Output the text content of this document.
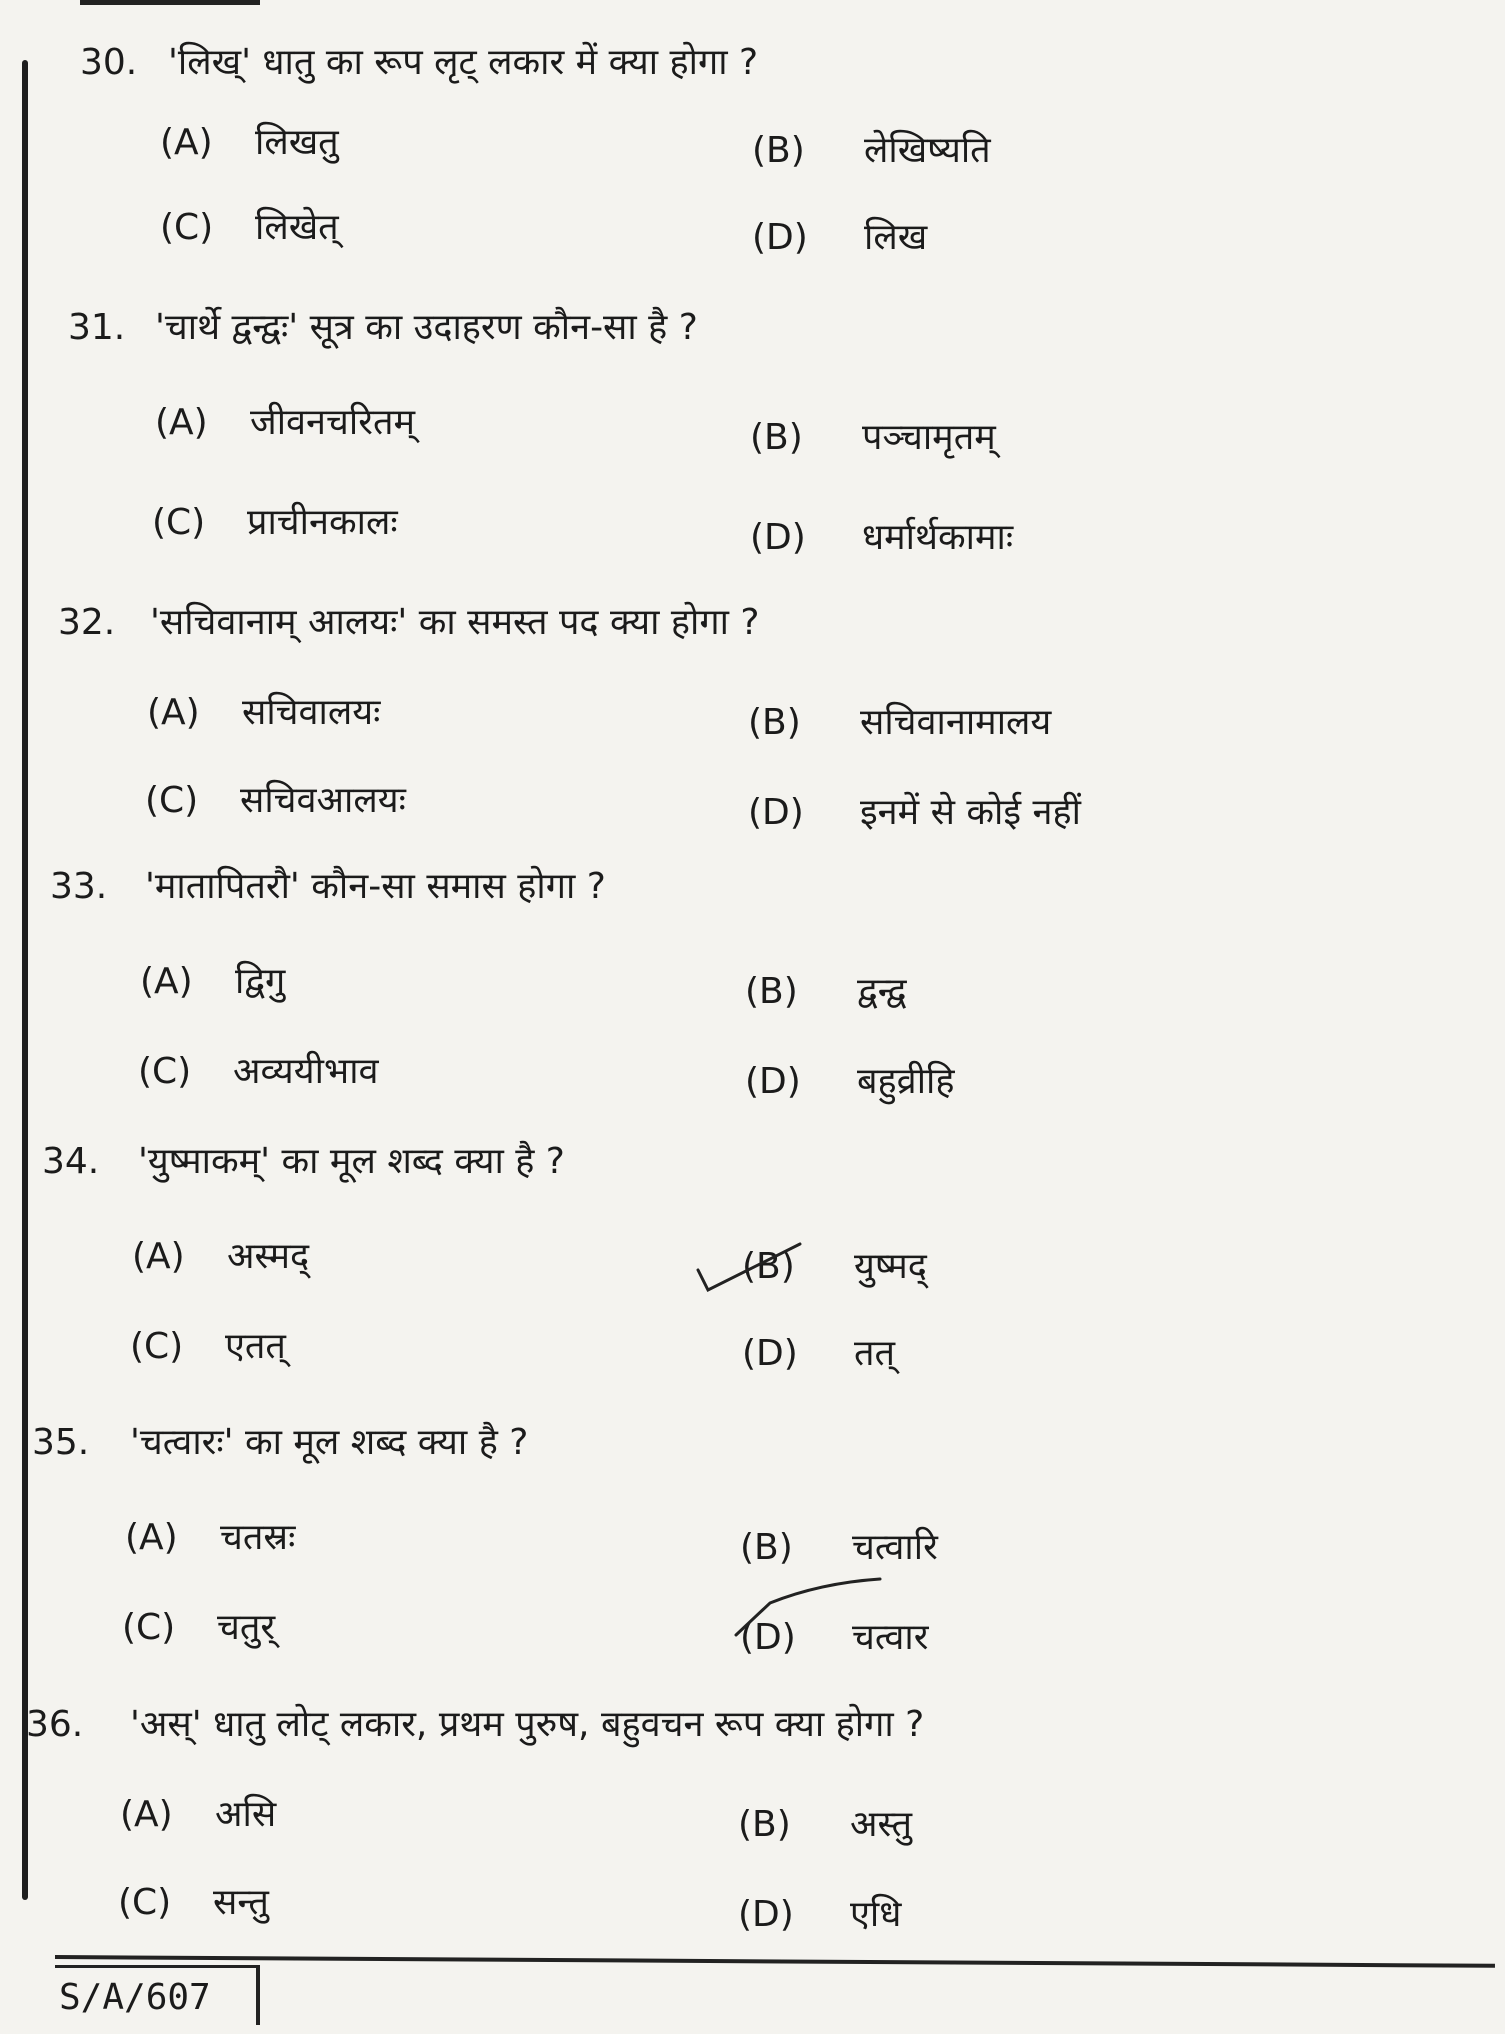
30. 'लिख्' धातु का रूप लृट् लकार में क्या होगा ?
(A) लिखतु	(B) लेखिष्यति
(C) लिखेत्	(D) लिख
31. 'चार्थे द्वन्द्वः' सूत्र का उदाहरण कौन-सा है ?
(A) जीवनचरितम्	(B) पञ्चामृतम्
(C) प्राचीनकालः	(D) धर्मार्थकामाः
32. 'सचिवानाम् आलयः' का समस्त पद क्या होगा ?
(A) सचिवालयः	(B) सचिवानामालय
(C) सचिवआलयः	(D) इनमें से कोई नहीं
33.	'मातापितरौ' कौन-सा समास होगा ?
(A) द्विगु	(B) द्वन्द्व
(C) अव्ययीभाव	(D) बहुव्रीहि
34.	'युष्माकम्' का मूल शब्द क्या है ?
(A) अस्मद्	(B) युष्मद्
(C) एतत्	(D) तत्
35.	'चत्वारः' का मूल शब्द क्या है ?
(A) चतस्रः	(B) चत्वारि
(C) चतुर्	(D) चत्वार
36.	'अस्' धातु लोट् लकार, प्रथम पुरुष, बहुवचन रूप क्या होगा ?
(A) असि	(B) अस्तु
(C) सन्तु	(D) एधि
S/A/607
